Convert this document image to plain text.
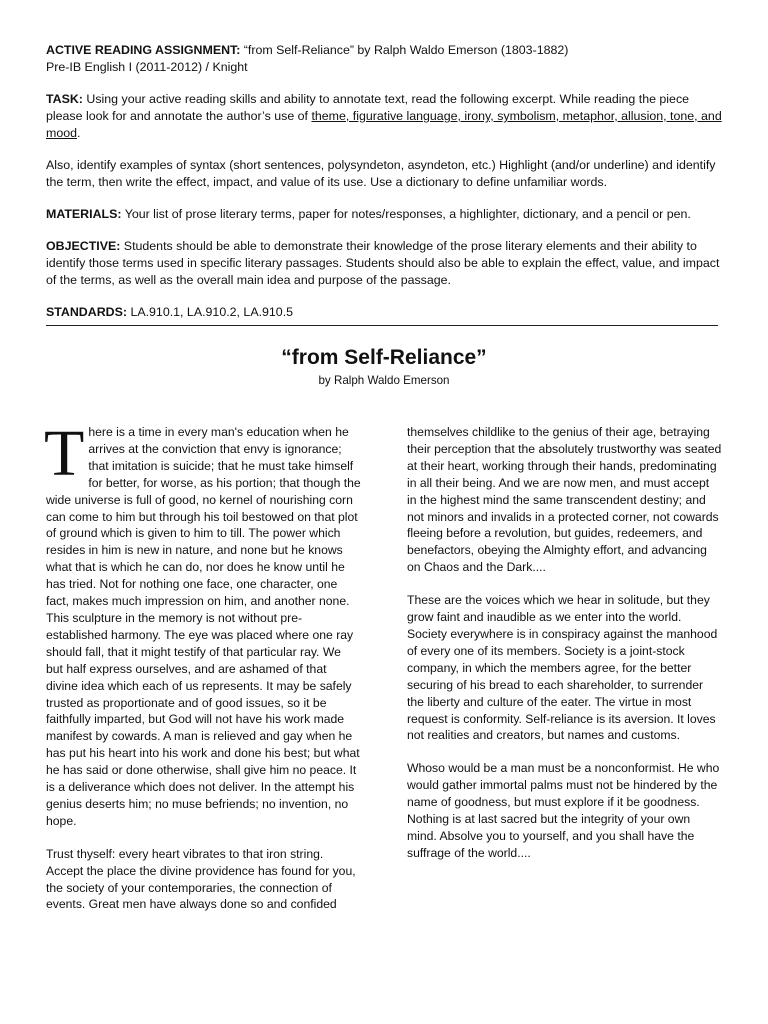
ACTIVE READING ASSIGNMENT: “from Self-Reliance” by Ralph Waldo Emerson (1803-1882)

Pre-IB English I (2011-2012) / Knight

TASK: Using your active reading skills and ability to annotate text, read the following excerpt. While reading the piece please look for and annotate the author’s use of theme, figurative language, irony, symbolism, metaphor, allusion, tone, and mood.

Also, identify examples of syntax (short sentences, polysyndeton, asyndeton, etc.) Highlight (and/or underline) and identify the term, then write the effect, impact, and value of its use. Use a dictionary to define unfamiliar words.

MATERIALS: Your list of prose literary terms, paper for notes/responses, a highlighter, dictionary, and a pencil or pen.

OBJECTIVE: Students should be able to demonstrate their knowledge of the prose literary elements and their ability to identify those terms used in specific literary passages. Students should also be able to explain the effect, value, and impact of the terms, as well as the overall main idea and purpose of the passage.

STANDARDS: LA.910.1, LA.910.2, LA.910.5

“from Self-Reliance”
by Ralph Waldo Emerson

There is a time in every man's education when he arrives at the conviction that envy is ignorance; that imitation is suicide; that he must take himself for better, for worse, as his portion; that though the wide universe is full of good, no kernel of nourishing corn can come to him but through his toil bestowed on that plot of ground which is given to him to till. The power which resides in him is new in nature, and none but he knows what that is which he can do, nor does he know until he has tried. Not for nothing one face, one character, one fact, makes much impression on him, and another none. This sculpture in the memory is not without pre-established harmony. The eye was placed where one ray should fall, that it might testify of that particular ray. We but half express ourselves, and are ashamed of that divine idea which each of us represents. It may be safely trusted as proportionate and of good issues, so it be faithfully imparted, but God will not have his work made manifest by cowards. A man is relieved and gay when he has put his heart into his work and done his best; but what he has said or done otherwise, shall give him no peace. It is a deliverance which does not deliver. In the attempt his genius deserts him; no muse befriends; no invention, no hope.

Trust thyself: every heart vibrates to that iron string. Accept the place the divine providence has found for you, the society of your contemporaries, the connection of events. Great men have always done so and confided

themselves childlike to the genius of their age, betraying their perception that the absolutely trustworthy was seated at their heart, working through their hands, predominating in all their being. And we are now men, and must accept in the highest mind the same transcendent destiny; and not minors and invalids in a protected corner, not cowards fleeing before a revolution, but guides, redeemers, and benefactors, obeying the Almighty effort, and advancing on Chaos and the Dark....

These are the voices which we hear in solitude, but they grow faint and inaudible as we enter into the world. Society everywhere is in conspiracy against the manhood of every one of its members. Society is a joint-stock company, in which the members agree, for the better securing of his bread to each shareholder, to surrender the liberty and culture of the eater. The virtue in most request is conformity. Self-reliance is its aversion. It loves not realities and creators, but names and customs.

Whoso would be a man must be a nonconformist. He who would gather immortal palms must not be hindered by the name of goodness, but must explore if it be goodness. Nothing is at last sacred but the integrity of your own mind. Absolve you to yourself, and you shall have the suffrage of the world....
